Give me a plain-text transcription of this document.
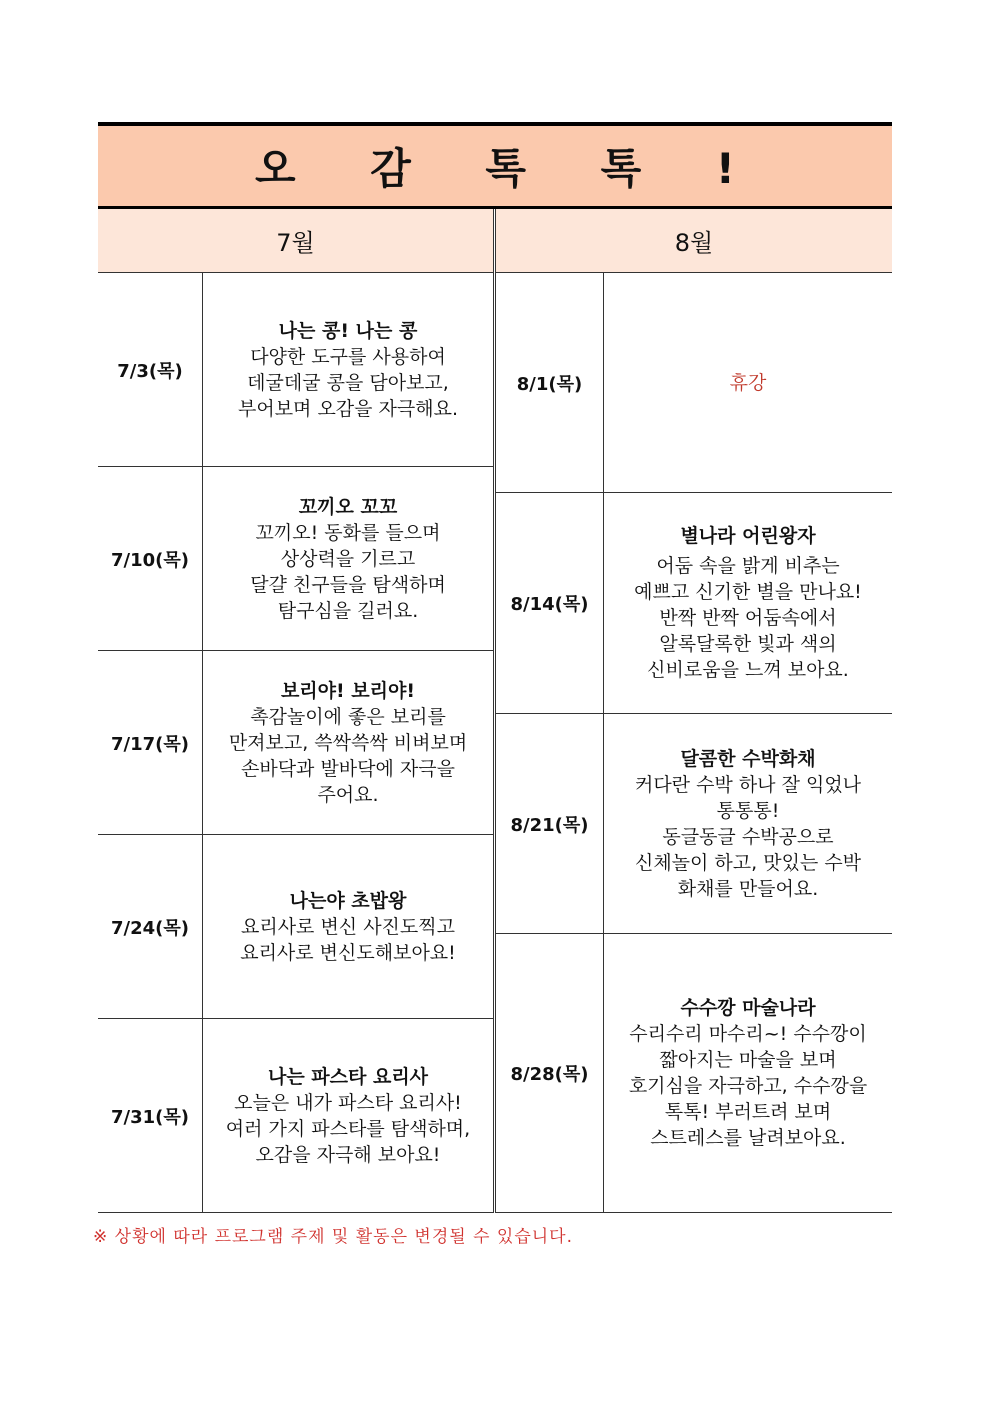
오 감 톡 톡 !
7월	8월
7/3(목)
나는 콩! 나는 콩
다양한 도구를 사용하여
데굴데굴 콩을 담아보고,
부어보며 오감을 자극해요.
7/10(목)
꼬끼오 꼬꼬
꼬끼오! 동화를 들으며
상상력을 기르고
달걀 친구들을 탐색하며
탐구심을 길러요.
7/17(목)
보리야! 보리야!
촉감놀이에 좋은 보리를
만져보고, 쓱싹쓱싹 비벼보며
손바닥과 발바닥에 자극을
주어요.
7/24(목)
나는야 초밥왕
요리사로 변신 사진도찍고
요리사로 변신도해보아요!
7/31(목)
나는 파스타 요리사
오늘은 내가 파스타 요리사!
여러 가지 파스타를 탐색하며,
오감을 자극해 보아요!
8/1(목)	휴강
8/14(목)
별나라 어린왕자
어둠 속을 밝게 비추는
예쁘고 신기한 별을 만나요!
반짝 반짝 어둠속에서
알록달록한 빛과 색의
신비로움을 느껴 보아요.
8/21(목)
달콤한 수박화채
커다란 수박 하나 잘 익었나
통통통!
동글동글 수박공으로
신체놀이 하고, 맛있는 수박
화채를 만들어요.
8/28(목)
수수깡 마술나라
수리수리 마수리~! 수수깡이
짧아지는 마술을 보며
호기심을 자극하고, 수수깡을
톡톡! 부러트려 보며
스트레스를 날려보아요.
※ 상황에 따라 프로그램 주제 및 활동은 변경될 수 있습니다.
